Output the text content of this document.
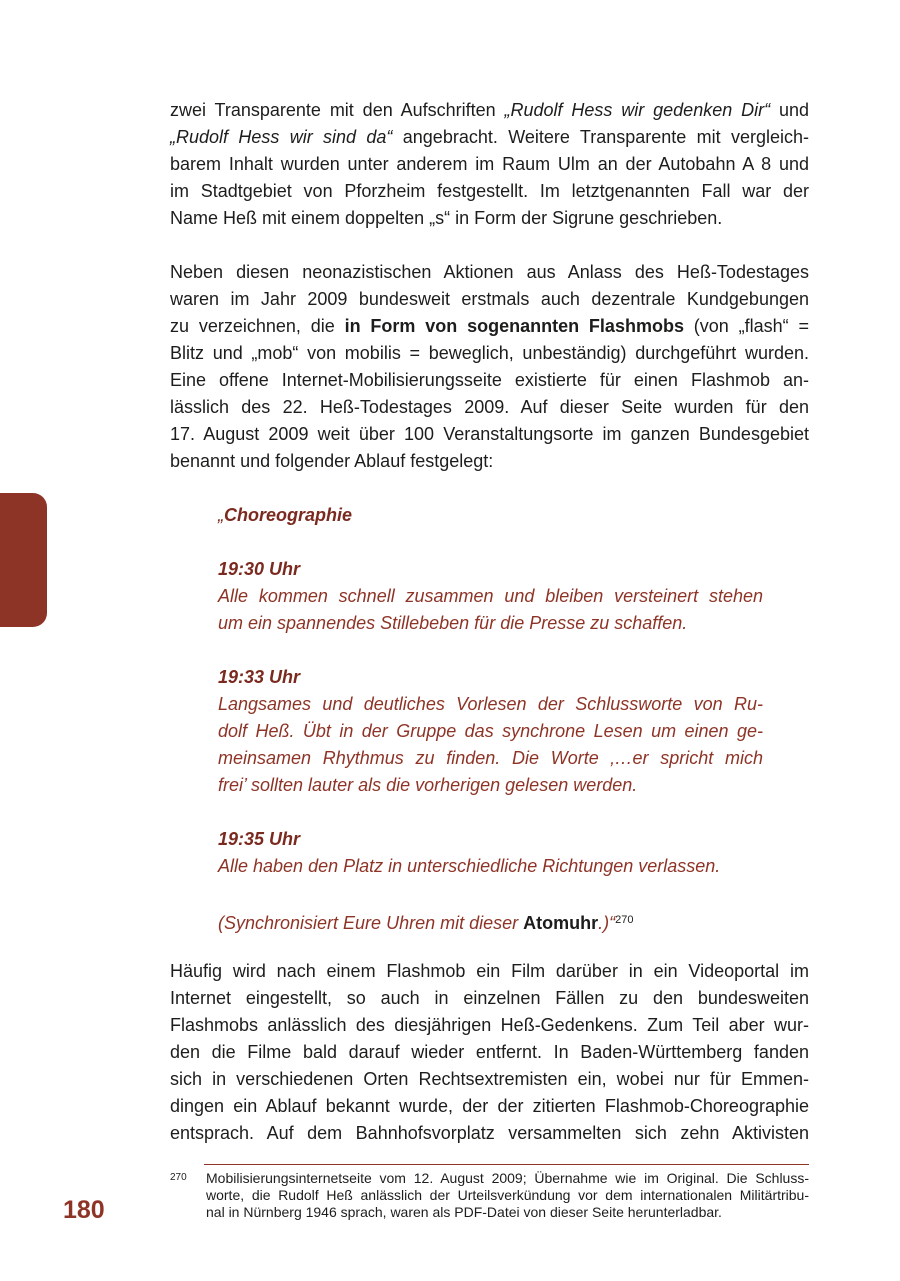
zwei Transparente mit den Aufschriften „Rudolf Hess wir gedenken Dir“ und
„Rudolf Hess wir sind da“ angebracht. Weitere Transparente mit vergleich-
barem Inhalt wurden unter anderem im Raum Ulm an der Autobahn A 8 und
im Stadtgebiet von Pforzheim festgestellt. Im letztgenannten Fall war der
Name Heß mit einem doppelten „s“ in Form der Sigrune geschrieben.

Neben diesen neonazistischen Aktionen aus Anlass des Heß-Todestages
waren im Jahr 2009 bundesweit erstmals auch dezentrale Kundgebungen
zu verzeichnen, die in Form von sogenannten Flashmobs (von „flash“ =
Blitz und „mob“ von mobilis = beweglich, unbeständig) durchgeführt wurden.
Eine offene Internet-Mobilisierungsseite existierte für einen Flashmob an-
lässlich des 22. Heß-Todestages 2009. Auf dieser Seite wurden für den
17. August 2009 weit über 100 Veranstaltungsorte im ganzen Bundesgebiet
benannt und folgender Ablauf festgelegt:

„Choreographie

19:30 Uhr

Alle kommen schnell zusammen und bleiben versteinert stehen

um ein spannendes Stillebeben für die Presse zu schaffen.

19:33 Uhr

Langsames und deutliches Vorlesen der Schlussworte von Ru-

dolf Heß. Übt in der Gruppe das synchrone Lesen um einen ge-

meinsamen Rhythmus zu finden. Die Worte ‚…er spricht mich

frei’ sollten lauter als die vorherigen gelesen werden.

19:35 Uhr

Alle haben den Platz in unterschiedliche Richtungen verlassen.

(Synchronisiert Eure Uhren mit dieser Atomuhr.)“$^{270}$

Häufig wird nach einem Flashmob ein Film darüber in ein Videoportal im
Internet eingestellt, so auch in einzelnen Fällen zu den bundesweiten
Flashmobs anlässlich des diesjährigen Heß-Gedenkens. Zum Teil aber wur-
den die Filme bald darauf wieder entfernt. In Baden-Württemberg fanden
sich in verschiedenen Orten Rechtsextremisten ein, wobei nur für Emmen-
dingen ein Ablauf bekannt wurde, der der zitierten Flashmob-Choreographie
entsprach. Auf dem Bahnhofsvorplatz versammelten sich zehn Aktivisten

270 Mobilisierungsinternetseite vom 12. August 2009; Übernahme wie im Original. Die Schluss-
worte, die Rudolf Heß anlässlich der Urteilsverkündung vor dem internationalen Militärtribu-
nal in Nürnberg 1946 sprach, waren als PDF-Datei von dieser Seite herunterladbar.
180
